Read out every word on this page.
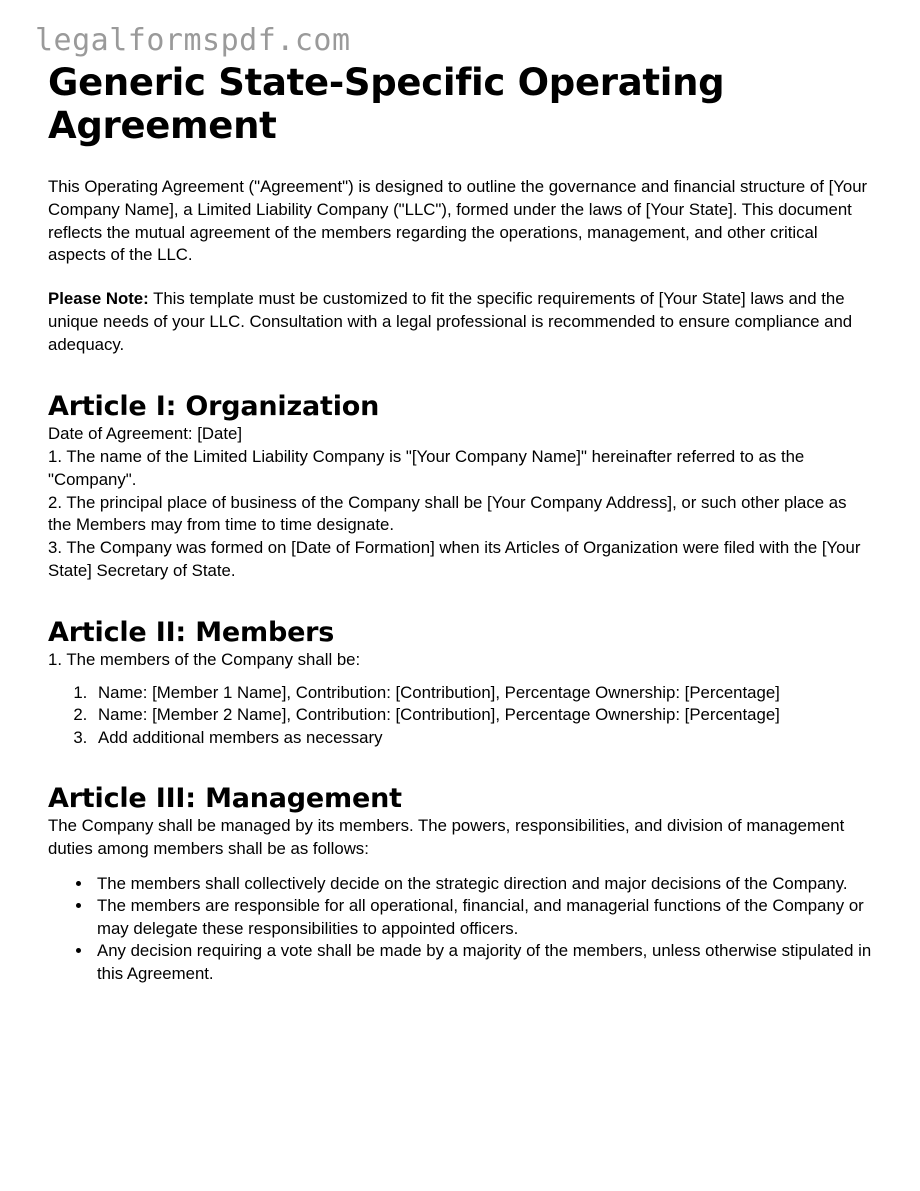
legalformspdf.com
Generic State-Specific Operating Agreement

This Operating Agreement ("Agreement") is designed to outline the governance and financial structure of [Your Company Name], a Limited Liability Company ("LLC"), formed under the laws of [Your State]. This document reflects the mutual agreement of the members regarding the operations, management, and other critical aspects of the LLC.

Please Note: This template must be customized to fit the specific requirements of [Your State] laws and the unique needs of your LLC. Consultation with a legal professional is recommended to ensure compliance and adequacy.

Article I: Organization

Date of Agreement: [Date]

1. The name of the Limited Liability Company is "[Your Company Name]" hereinafter referred to as the "Company".

2. The principal place of business of the Company shall be [Your Company Address], or such other place as the Members may from time to time designate.

3. The Company was formed on [Date of Formation] when its Articles of Organization were filed with the [Your State] Secretary of State.

Article II: Members

1. The members of the Company shall be:

1. Name: [Member 1 Name], Contribution: [Contribution], Percentage Ownership: [Percentage]
2. Name: [Member 2 Name], Contribution: [Contribution], Percentage Ownership: [Percentage]
3. Add additional members as necessary
Article III: Management

The Company shall be managed by its members. The powers, responsibilities, and division of management duties among members shall be as follows:

• The members shall collectively decide on the strategic direction and major decisions of the Company.
• The members are responsible for all operational, financial, and managerial functions of the Company or may delegate these responsibilities to appointed officers.
• Any decision requiring a vote shall be made by a majority of the members, unless otherwise stipulated in this Agreement.
